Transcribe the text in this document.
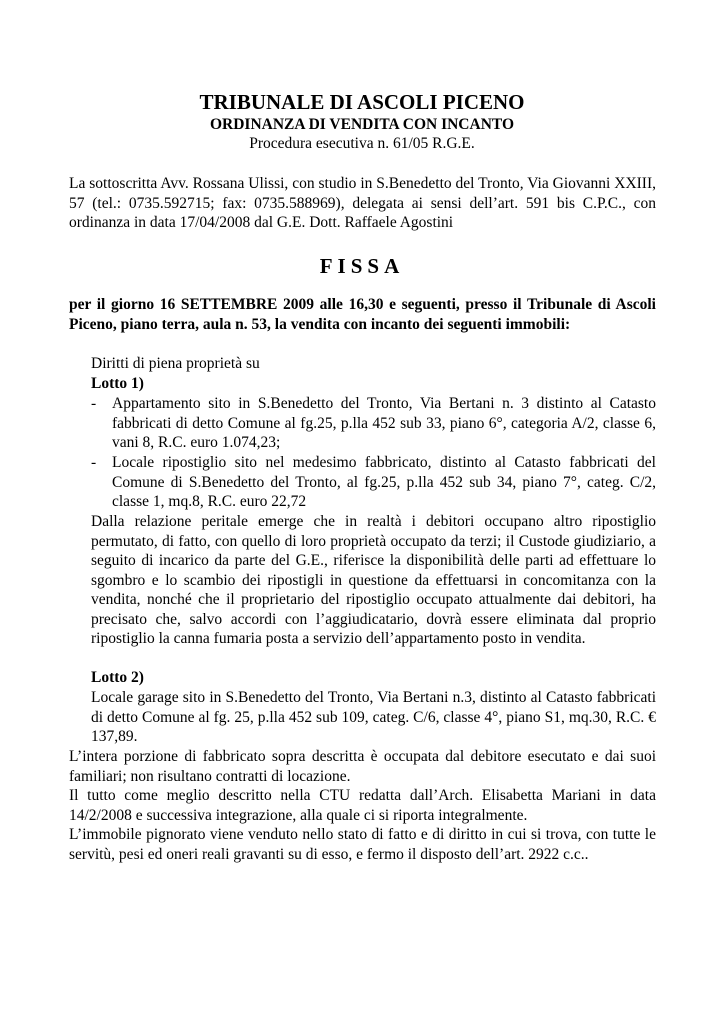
TRIBUNALE DI ASCOLI PICENO
ORDINANZA DI VENDITA CON INCANTO
Procedura esecutiva n. 61/05 R.G.E.
La sottoscritta Avv. Rossana Ulissi, con studio in S.Benedetto del Tronto, Via Giovanni XXIII, 57 (tel.: 0735.592715; fax: 0735.588969), delegata ai sensi dell’art. 591 bis C.P.C., con ordinanza in data 17/04/2008 dal G.E. Dott. Raffaele Agostini
FISSA
per il giorno 16 SETTEMBRE 2009 alle 16,30 e seguenti, presso il Tribunale di Ascoli Piceno, piano terra, aula n. 53, la vendita con incanto dei seguenti immobili:
Diritti di piena proprietà su
Lotto 1)
- Appartamento sito in S.Benedetto del Tronto, Via Bertani n. 3 distinto al Catasto fabbricati di detto Comune al fg.25, p.lla 452 sub 33, piano 6°, categoria A/2, classe 6, vani 8, R.C. euro 1.074,23;
- Locale ripostiglio sito nel medesimo fabbricato, distinto al Catasto fabbricati del Comune di S.Benedetto del Tronto, al fg.25, p.lla 452 sub 34, piano 7°, categ. C/2, classe 1, mq.8, R.C. euro 22,72
Dalla relazione peritale emerge che in realtà i debitori occupano altro ripostiglio permutato, di fatto, con quello di loro proprietà occupato da terzi; il Custode giudiziario, a seguito di incarico da parte del G.E., riferisce la disponibilità delle parti ad effettuare lo sgombro e lo scambio dei ripostigli in questione da effettuarsi in concomitanza con la vendita, nonché che il proprietario del ripostiglio occupato attualmente dai debitori, ha precisato che, salvo accordi con l’aggiudicatario, dovrà essere eliminata dal proprio ripostiglio la canna fumaria posta a servizio dell’appartamento posto in vendita.
Lotto 2)
Locale garage sito in S.Benedetto del Tronto, Via Bertani n.3, distinto al Catasto fabbricati di detto Comune al fg. 25, p.lla 452 sub 109, categ. C/6, classe 4°, piano S1, mq.30, R.C. € 137,89.
L’intera porzione di fabbricato sopra descritta è occupata dal debitore esecutato e dai suoi familiari; non risultano contratti di locazione.
Il tutto come meglio descritto nella CTU redatta dall’Arch. Elisabetta Mariani in data 14/2/2008 e successiva integrazione, alla quale ci si riporta integralmente.
L’immobile pignorato viene venduto nello stato di fatto e di diritto in cui si trova, con tutte le servitù, pesi ed oneri reali gravanti su di esso, e fermo il disposto dell’art. 2922 c.c..
